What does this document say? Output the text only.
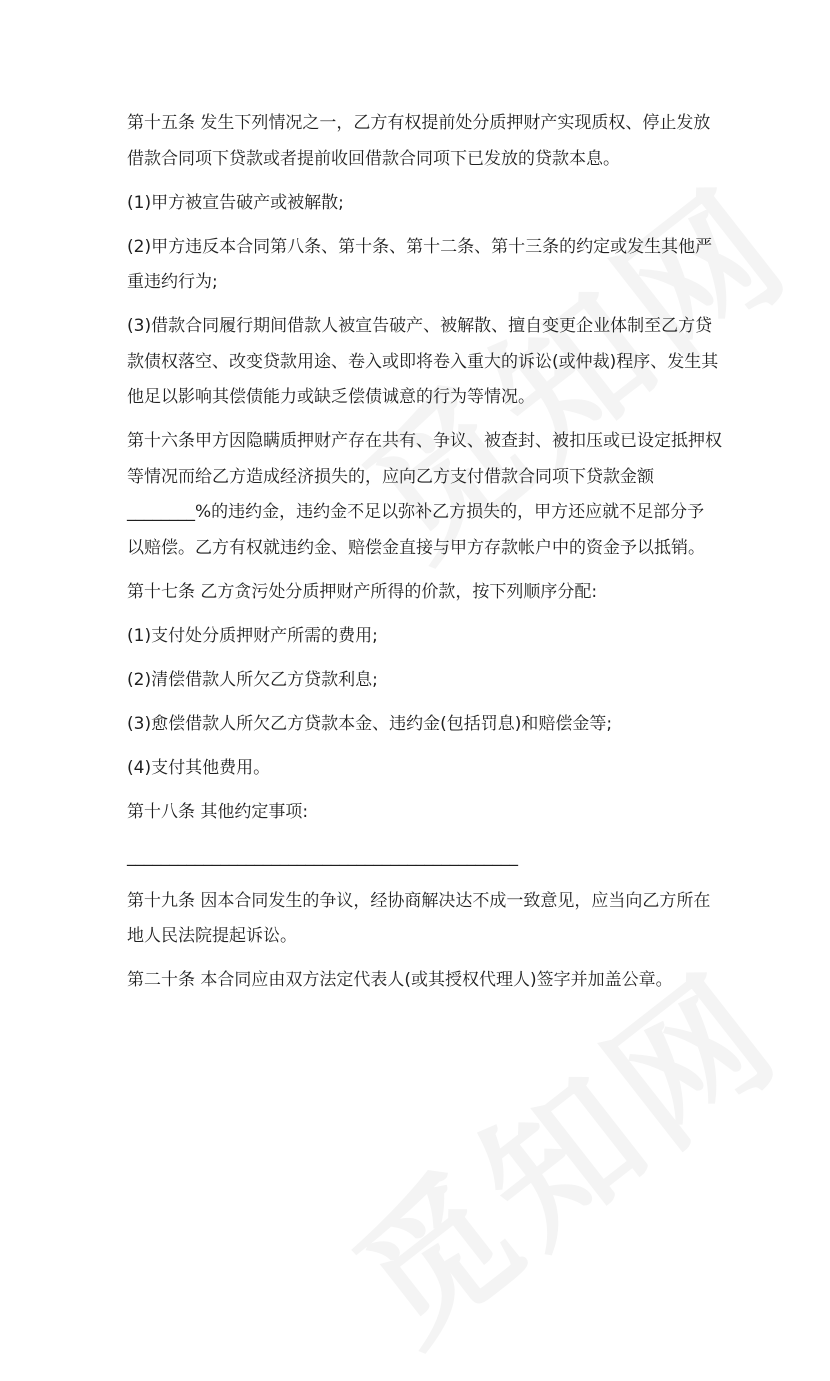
第十五条 发生下列情况之一，乙方有权提前处分质押财产实现质权、停止发放
借款合同项下贷款或者提前收回借款合同项下已发放的贷款本息。
(1)甲方被宣告破产或被解散;
(2)甲方违反本合同第八条、第十条、第十二条、第十三条的约定或发生其他严
重违约行为;
(3)借款合同履行期间借款人被宣告破产、被解散、擅自变更企业体制至乙方贷
款债权落空、改变贷款用途、卷入或即将卷入重大的诉讼(或仲裁)程序、发生其
他足以影响其偿债能力或缺乏偿债诚意的行为等情况。
第十六条甲方因隐瞒质押财产存在共有、争议、被查封、被扣压或已设定抵押权
等情况而给乙方造成经济损失的，应向乙方支付借款合同项下贷款金额
________%的违约金，违约金不足以弥补乙方损失的，甲方还应就不足部分予
以赔偿。乙方有权就违约金、赔偿金直接与甲方存款帐户中的资金予以抵销。
第十七条 乙方贪污处分质押财产所得的价款，按下列顺序分配:
(1)支付处分质押财产所需的费用;
(2)清偿借款人所欠乙方贷款利息;
(3)愈偿借款人所欠乙方贷款本金、违约金(包括罚息)和赔偿金等;
(4)支付其他费用。
第十八条 其他约定事项:
______________________________________________
第十九条 因本合同发生的争议，经协商解决达不成一致意见，应当向乙方所在
地人民法院提起诉讼。
第二十条 本合同应由双方法定代表人(或其授权代理人)签字并加盖公章。
